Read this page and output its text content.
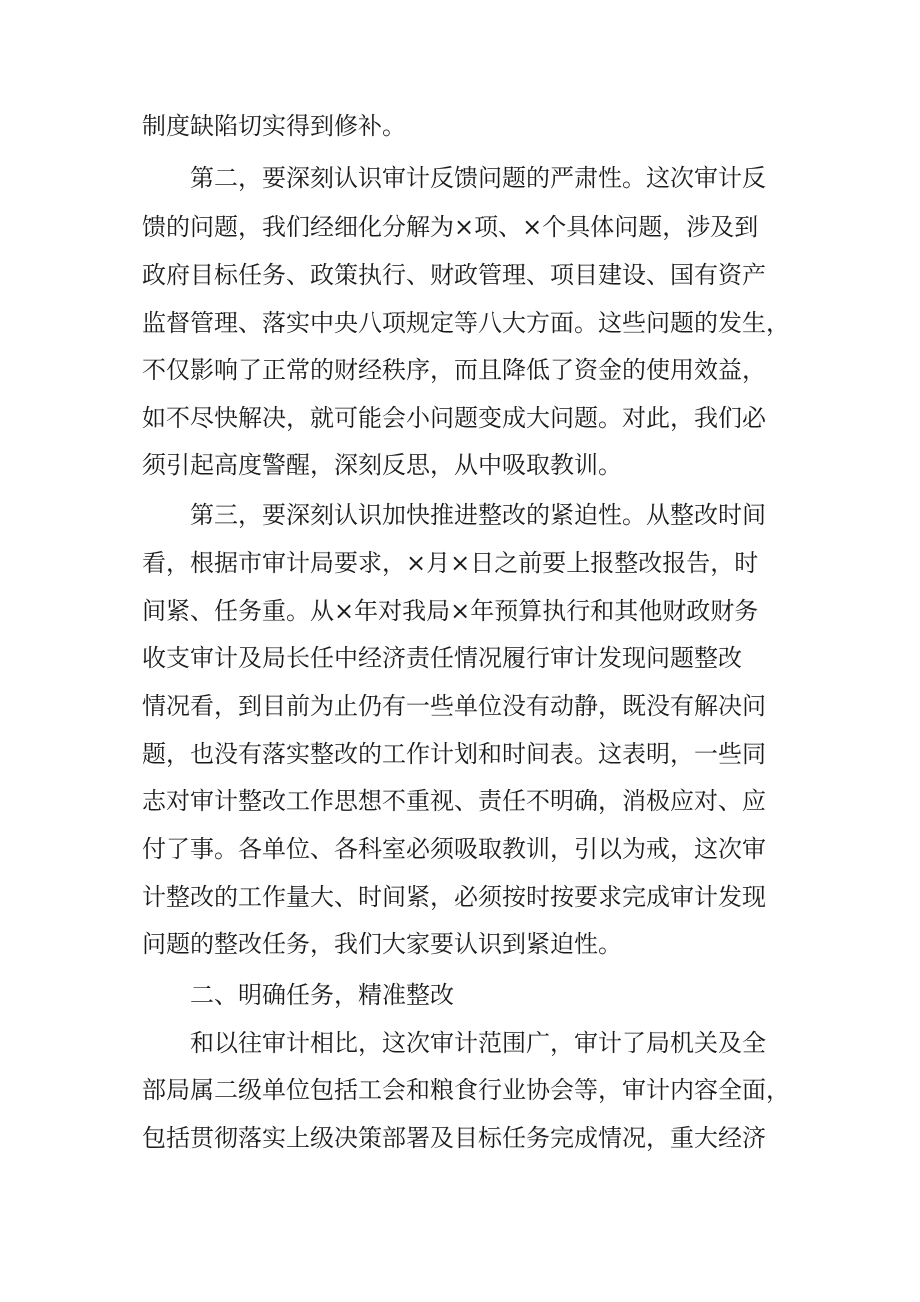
制度缺陷切实得到修补。
第二，要深刻认识审计反馈问题的严肃性。这次审计反
馈的问题，我们经细化分解为×项、×个具体问题，涉及到
政府目标任务、政策执行、财政管理、项目建设、国有资产
监督管理、落实中央八项规定等八大方面。这些问题的发生，
不仅影响了正常的财经秩序，而且降低了资金的使用效益，
如不尽快解决，就可能会小问题变成大问题。对此，我们必
须引起高度警醒，深刻反思，从中吸取教训。
第三，要深刻认识加快推进整改的紧迫性。从整改时间
看，根据市审计局要求，×月×日之前要上报整改报告，时
间紧、任务重。从×年对我局×年预算执行和其他财政财务
收支审计及局长任中经济责任情况履行审计发现问题整改
情况看，到目前为止仍有一些单位没有动静，既没有解决问
题，也没有落实整改的工作计划和时间表。这表明，一些同
志对审计整改工作思想不重视、责任不明确，消极应对、应
付了事。各单位、各科室必须吸取教训，引以为戒，这次审
计整改的工作量大、时间紧，必须按时按要求完成审计发现
问题的整改任务，我们大家要认识到紧迫性。
二、明确任务，精准整改
和以往审计相比，这次审计范围广，审计了局机关及全
部局属二级单位包括工会和粮食行业协会等，审计内容全面，
包括贯彻落实上级决策部署及目标任务完成情况，重大经济
